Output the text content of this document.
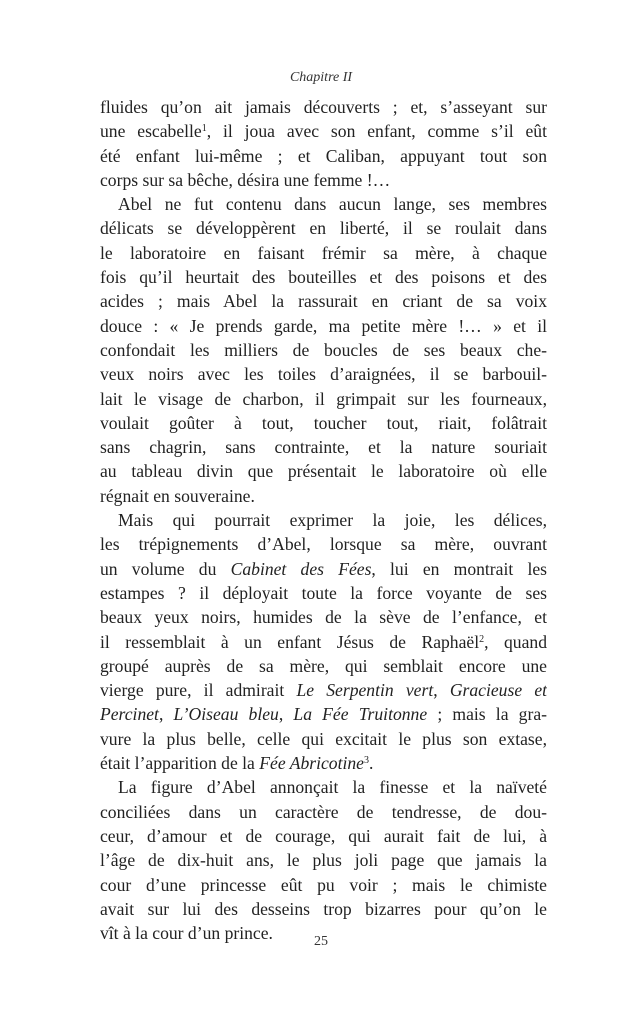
Chapitre II
fluides qu’on ait jamais découverts ; et, s’asseyant sur
une escabelle$^1$, il joua avec son enfant, comme s’il eût
été enfant lui-même ; et Caliban, appuyant tout son
corps sur sa bêche, désira une femme !…
Abel ne fut contenu dans aucun lange, ses membres
délicats se développèrent en liberté, il se roulait dans
le laboratoire en faisant frémir sa mère, à chaque
fois qu’il heurtait des bouteilles et des poisons et des
acides ; mais Abel la rassurait en criant de sa voix
douce : « Je prends garde, ma petite mère !… » et il
confondait les milliers de boucles de ses beaux che-
veux noirs avec les toiles d’araignées, il se barbouil-
lait le visage de charbon, il grimpait sur les fourneaux,
voulait goûter à tout, toucher tout, riait, folâtrait
sans chagrin, sans contrainte, et la nature souriait
au tableau divin que présentait le laboratoire où elle
régnait en souveraine.
Mais qui pourrait exprimer la joie, les délices,
les trépignements d’Abel, lorsque sa mère, ouvrant
un volume du Cabinet des Fées, lui en montrait les
estampes ? il déployait toute la force voyante de ses
beaux yeux noirs, humides de la sève de l’enfance, et
il ressemblait à un enfant Jésus de Raphaël$^2$, quand
groupé auprès de sa mère, qui semblait encore une
vierge pure, il admirait Le Serpentin vert, Gracieuse et
Percinet, L’Oiseau bleu, La Fée Truitonne ; mais la gra-
vure la plus belle, celle qui excitait le plus son extase,
était l’apparition de la Fée Abricotine$^3$.
La figure d’Abel annonçait la finesse et la naïveté
conciliées dans un caractère de tendresse, de dou-
ceur, d’amour et de courage, qui aurait fait de lui, à
l’âge de dix-huit ans, le plus joli page que jamais la
cour d’une princesse eût pu voir ; mais le chimiste
avait sur lui des desseins trop bizarres pour qu’on le
vît à la cour d’un prince.	25
